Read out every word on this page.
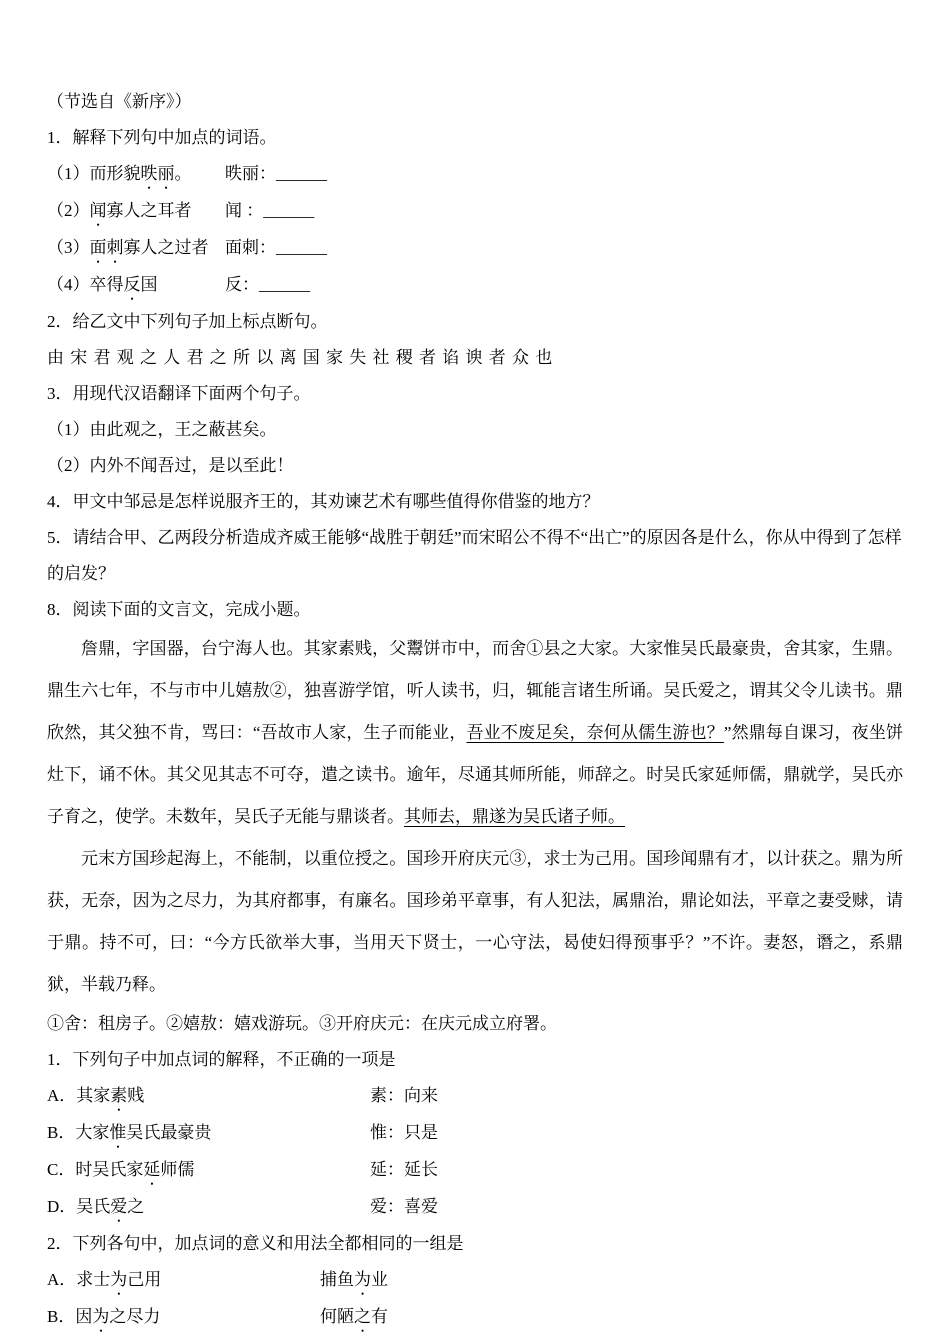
（节选自《新序》）

1．解释下列句中加点的词语。

（1）而形貌昳丽。	昳丽： ______
（2）闻寡人之耳者	闻 ： ______
（3）面刺寡人之过者 面刺： ______
（4）卒得反国	反： ______

2．给乙文中下列句子加上标点断句。

由 宋 君 观 之 人 君 之 所 以 离 国 家 失 社 稷 者 谄 谀 者 众 也

3．用现代汉语翻译下面两个句子。

（1）由此观之，王之蔽甚矣。

（2）内外不闻吾过，是以至此！

4．甲文中邹忌是怎样说服齐王的，其劝谏艺术有哪些值得你借鉴的地方？

5．请结合甲、乙两段分析造成齐威王能够“战胜于朝廷”而宋昭公不得不“出亡”的原因各是什么，你从中得到了怎样的启发？

8．阅读下面的文言文，完成小题。

詹鼎，字国器，台宁海人也。其家素贱，父鬻饼市中，而舍①县之大家。大家惟吴氏最豪贵，舍其家，生鼎。鼎生六七年，不与市中儿嬉敖②，独喜游学馆，听人读书，归，辄能言诸生所诵。吴氏爱之，谓其父令儿读书。鼎欣然，其父独不肯，骂曰：“吾故市人家，生子而能业，吾业不废足矣，奈何从儒生游也？”然鼎每自课习，夜坐饼灶下，诵不休。其父见其志不可夺，遣之读书。逾年，尽通其师所能，师辞之。时吴氏家延师儒，鼎就学，吴氏亦子育之，使学。未数年，吴氏子无能与鼎谈者。其师去，鼎遂为吴氏诸子师。

元末方国珍起海上，不能制，以重位授之。国珍开府庆元③，求士为己用。国珍闻鼎有才，以计获之。鼎为所获，无奈，因为之尽力，为其府都事，有廉名。国珍弟平章事，有人犯法，属鼎治，鼎论如法，平章之妻受赇，请于鼎。持不可，曰：“今方氏欲举大事，当用天下贤士，一心守法，曷使妇得预事乎？”不许。妻怒，谮之，系鼎狱，半载乃释。

①舍：租房子。②嬉敖：嬉戏游玩。③开府庆元：在庆元成立府署。

1．下列句子中加点词的解释，不正确的一项是

A．其家素贱	素：向来
B．大家惟吴氏最豪贵	惟：只是
C．时吴氏家延师儒	延：延长
D．吴氏爱之	爱：喜爱

2．下列各句中，加点词的意义和用法全都相同的一组是

A．求士为己用	捕鱼为业
B．因为之尽力	何陋之有
